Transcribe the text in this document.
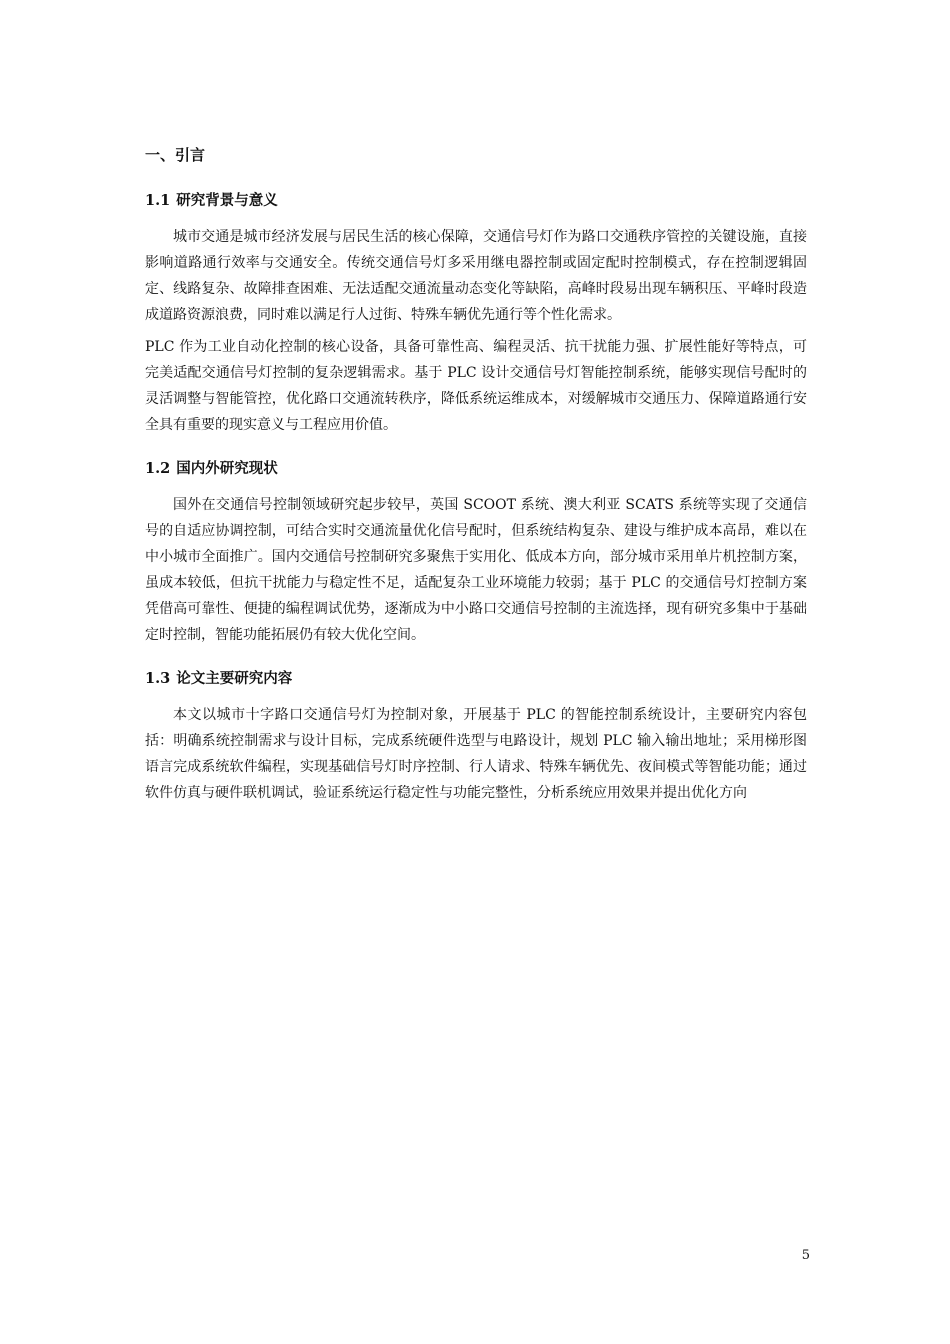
一、引言
1.1 研究背景与意义

城市交通是城市经济发展与居民生活的核心保障，交通信号灯作为路口交通秩序管控的关键设施，直接影响道路通行效率与交通安全。传统交通信号灯多采用继电器控制或固定配时控制模式，存在控制逻辑固定、线路复杂、故障排查困难、无法适配交通流量动态变化等缺陷，高峰时段易出现车辆积压、平峰时段造成道路资源浪费，同时难以满足行人过街、特殊车辆优先通行等个性化需求。

PLC 作为工业自动化控制的核心设备，具备可靠性高、编程灵活、抗干扰能力强、扩展性能好等特点，可完美适配交通信号灯控制的复杂逻辑需求。基于 PLC 设计交通信号灯智能控制系统，能够实现信号配时的灵活调整与智能管控，优化路口交通流转秩序，降低系统运维成本，对缓解城市交通压力、保障道路通行安全具有重要的现实意义与工程应用价值。

1.2 国内外研究现状

国外在交通信号控制领域研究起步较早，英国 SCOOT 系统、澳大利亚 SCATS 系统等实现了交通信号的自适应协调控制，可结合实时交通流量优化信号配时，但系统结构复杂、建设与维护成本高昂，难以在中小城市全面推广。国内交通信号控制研究多聚焦于实用化、低成本方向，部分城市采用单片机控制方案，虽成本较低，但抗干扰能力与稳定性不足，适配复杂工业环境能力较弱；基于 PLC 的交通信号灯控制方案凭借高可靠性、便捷的编程调试优势，逐渐成为中小路口交通信号控制的主流选择，现有研究多集中于基础定时控制，智能功能拓展仍有较大优化空间。

1.3 论文主要研究内容

本文以城市十字路口交通信号灯为控制对象，开展基于 PLC 的智能控制系统设计，主要研究内容包括：明确系统控制需求与设计目标，完成系统硬件选型与电路设计，规划 PLC 输入输出地址；采用梯形图语言完成系统软件编程，实现基础信号灯时序控制、行人请求、特殊车辆优先、夜间模式等智能功能；通过软件仿真与硬件联机调试，验证系统运行稳定性与功能完整性，分析系统应用效果并提出优化方向

5
